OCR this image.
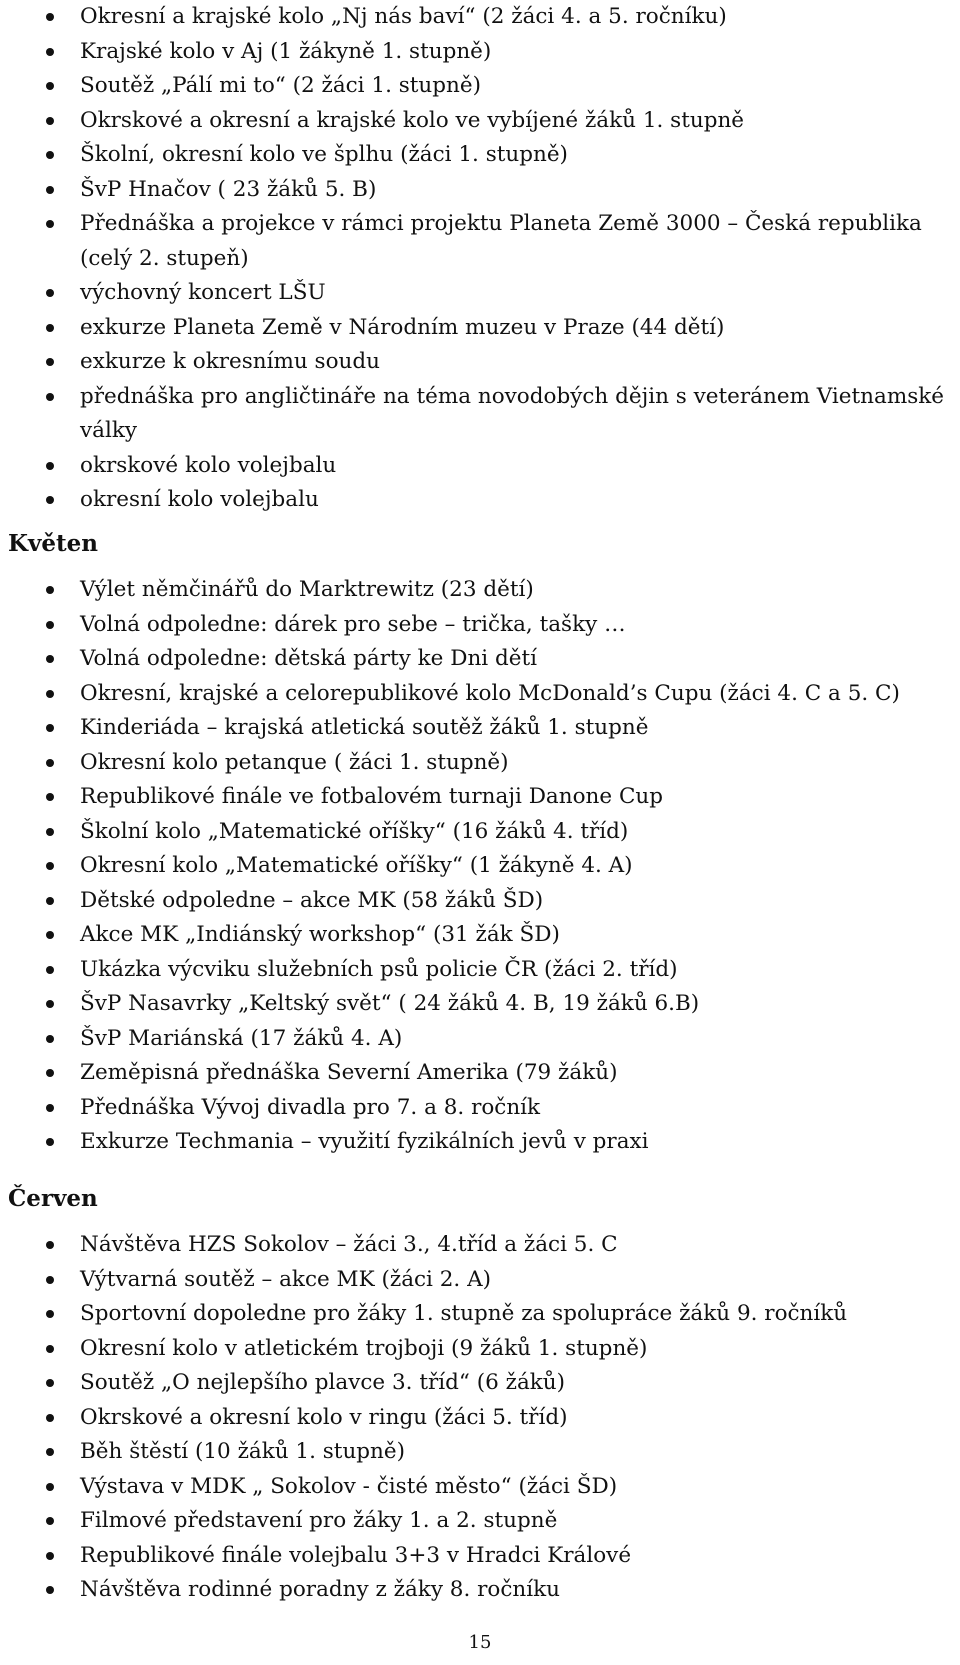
Okresní a krajské kolo „Nj nás baví“ (2 žáci 4. a 5. ročníku)
Krajské kolo v Aj (1 žákyně 1. stupně)
Soutěž „Pálí mi to“ (2 žáci 1. stupně)
Okrskové a okresní a krajské kolo ve vybíjené žáků 1. stupně
Školní, okresní kolo ve šplhu (žáci 1. stupně)
ŠvP Hnačov ( 23 žáků 5. B)
Přednáška a projekce v rámci projektu Planeta Země 3000 – Česká republika (celý 2. stupeň)
výchovný koncert LŠU
exkurze Planeta Země v Národním muzeu v Praze (44 dětí)
exkurze k okresnímu soudu
přednáška pro angličtináře na téma novodobých dějin s veteránem Vietnamské války
okrskové kolo volejbalu
okresní kolo volejbalu
Květen
Výlet němčinářů do Marktrewitz (23 dětí)
Volná odpoledne: dárek pro sebe – trička, tašky …
Volná odpoledne: dětská párty ke Dni dětí
Okresní, krajské a celorepublikové kolo McDonald’s Cupu (žáci 4. C a 5. C)
Kinderiáda – krajská atletická soutěž žáků 1. stupně
Okresní kolo petanque ( žáci 1. stupně)
Republikové finále ve fotbalovém turnaji Danone Cup
Školní kolo „Matematické oříšky“ (16 žáků 4. tříd)
Okresní kolo „Matematické oříšky“ (1 žákyně 4. A)
Dětské odpoledne – akce MK (58 žáků ŠD)
Akce MK „Indiánský workshop“ (31 žák ŠD)
Ukázka výcviku služebních psů policie ČR (žáci 2. tříd)
ŠvP Nasavrky „Keltský svět“ ( 24 žáků 4. B, 19 žáků 6.B)
ŠvP Mariánská (17 žáků 4. A)
Zeměpisná přednáška Severní Amerika (79 žáků)
Přednáška Vývoj divadla pro 7. a 8. ročník
Exkurze Techmania – využití fyzikálních jevů v praxi
Červen
Návštěva HZS Sokolov – žáci 3., 4.tříd a žáci 5. C
Výtvarná soutěž – akce MK (žáci 2. A)
Sportovní dopoledne pro žáky 1. stupně za spolupráce žáků 9. ročníků
Okresní kolo v atletickém trojboji (9 žáků 1. stupně)
Soutěž „O nejlepšího plavce 3. tříd“ (6 žáků)
Okrskové a okresní kolo v ringu (žáci 5. tříd)
Běh štěstí (10 žáků 1. stupně)
Výstava v MDK „ Sokolov - čisté město“ (žáci ŠD)
Filmové představení pro žáky 1. a 2. stupně
Republikové finále volejbalu 3+3 v Hradci Králové
Návštěva rodinné poradny z žáky 8. ročníku
15
